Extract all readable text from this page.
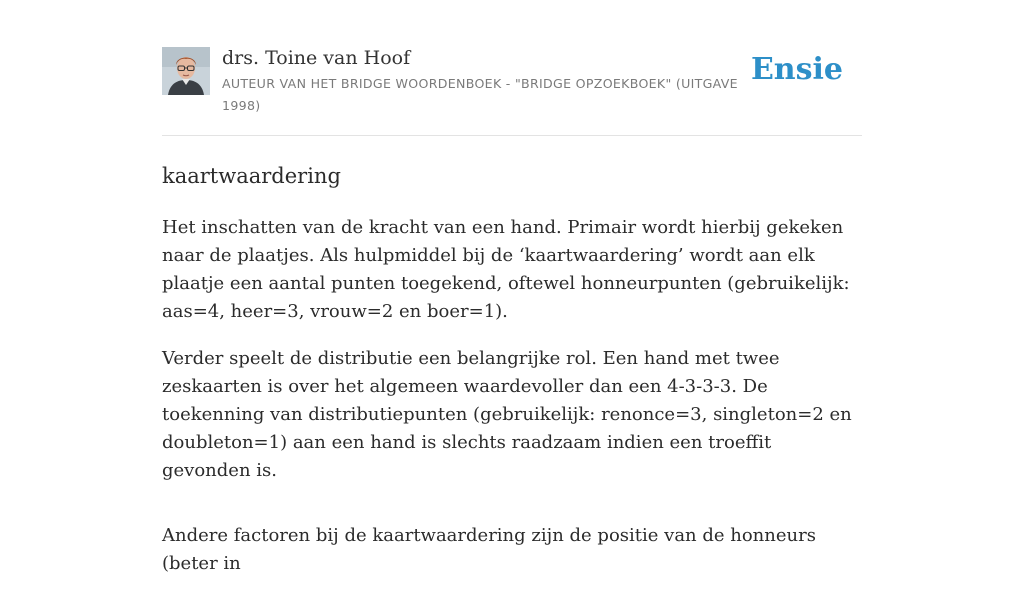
drs. Toine van Hoof
AUTEUR VAN HET BRIDGE WOORDENBOEK - "BRIDGE OPZOEKBOEK" (UITGAVE 1998)
Ensie
kaartwaardering

Het inschatten van de kracht van een hand. Primair wordt hierbij gekeken naar de plaatjes. Als hulpmiddel bij de ‘kaartwaardering’ wordt aan elk plaatje een aantal punten toegekend, oftewel honneurpunten (gebruikelijk: aas=4, heer=3, vrouw=2 en boer=1).

Verder speelt de distributie een belangrijke rol. Een hand met twee zeskaarten is over het algemeen waardevoller dan een 4-3-3-3. De toekenning van distributiepunten (gebruikelijk: renonce=3, singleton=2 en doubleton=1) aan een hand is slechts raadzaam indien een troeffit gevonden is.

Andere factoren bij de kaartwaardering zijn de positie van de honneurs (beter in
